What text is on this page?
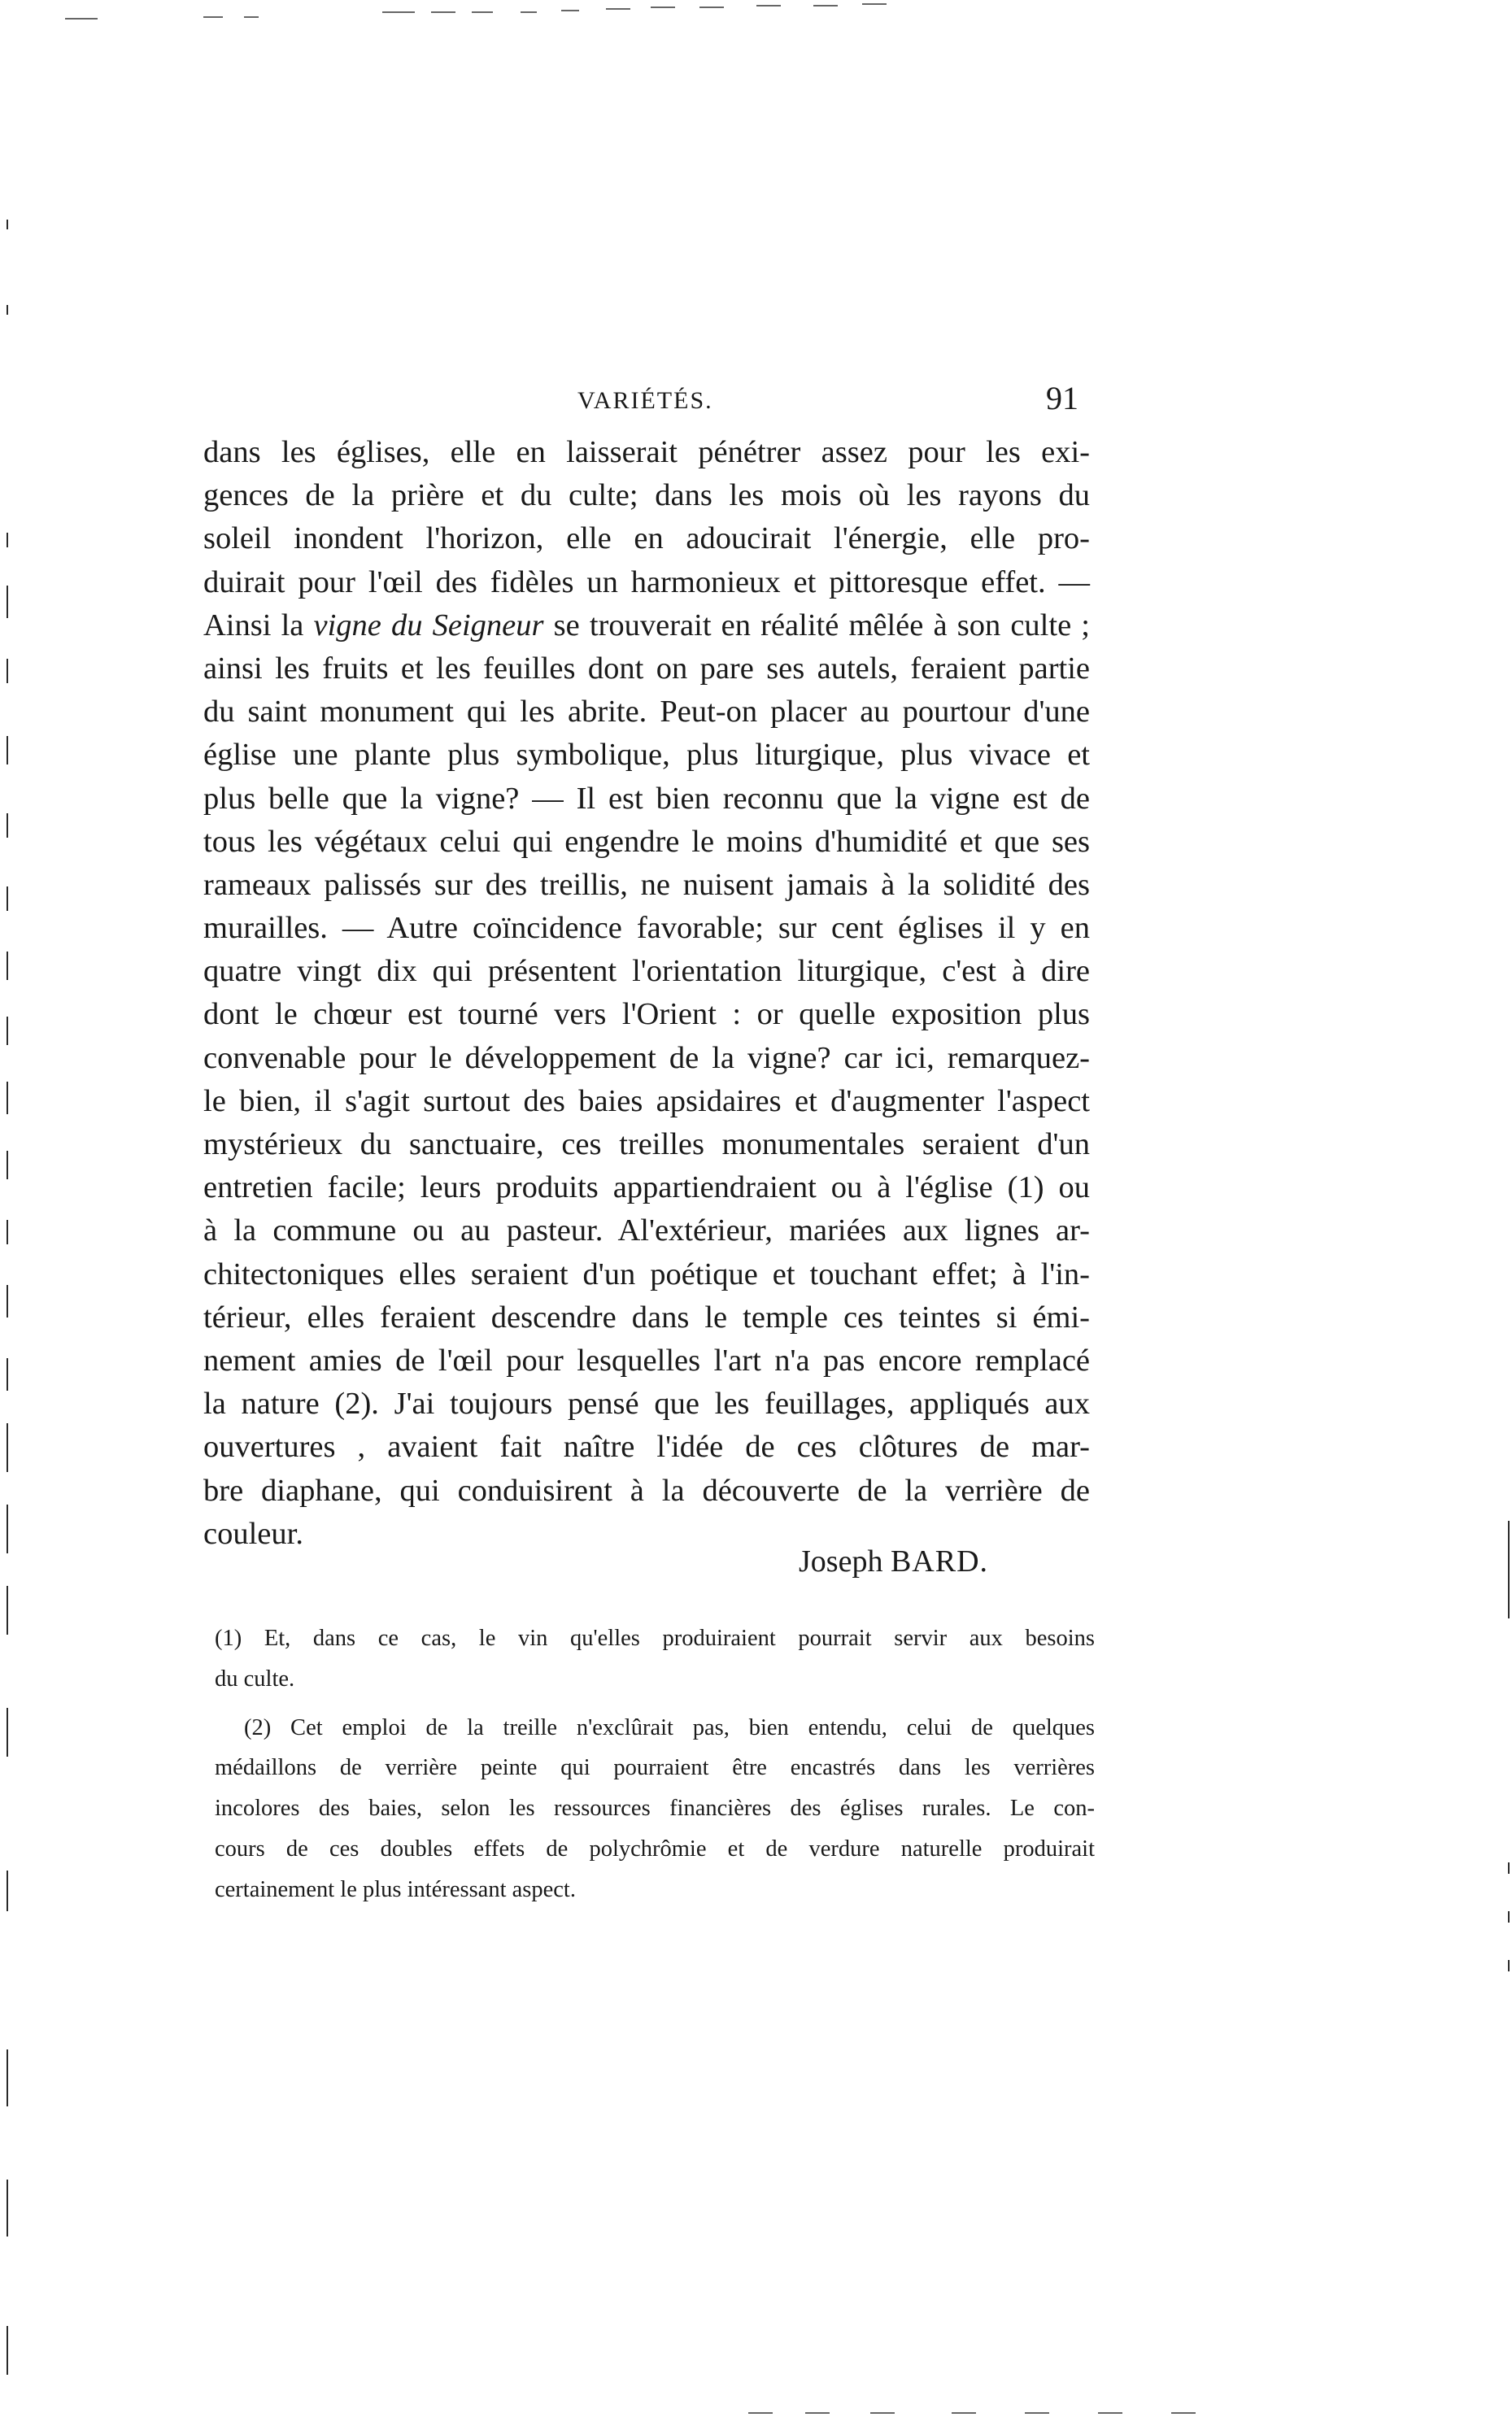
VARIÉTÉS.	91
dans les églises, elle en laisserait pénétrer assez pour les exi-
gences de la prière et du culte; dans les mois où les rayons du
soleil inondent l'horizon, elle en adoucirait l'énergie, elle pro-
duirait pour l'œil des fidèles un harmonieux et pittoresque effet. —
Ainsi la vigne du Seigneur se trouverait en réalité mêlée à son culte ;
ainsi les fruits et les feuilles dont on pare ses autels, feraient partie
du saint monument qui les abrite. Peut-on placer au pourtour d'une
église une plante plus symbolique, plus liturgique, plus vivace et
plus belle que la vigne? — Il est bien reconnu que la vigne est de
tous les végétaux celui qui engendre le moins d'humidité et que ses
rameaux palissés sur des treillis, ne nuisent jamais à la solidité des
murailles. — Autre coïncidence favorable; sur cent églises il y en
quatre vingt dix qui présentent l'orientation liturgique, c'est à dire
dont le chœur est tourné vers l'Orient : or quelle exposition plus
convenable pour le développement de la vigne? car ici, remarquez-
le bien, il s'agit surtout des baies apsidaires et d'augmenter l'aspect
mystérieux du sanctuaire, ces treilles monumentales seraient d'un
entretien facile; leurs produits appartiendraient ou à l'église (1) ou
à la commune ou au pasteur. Al'extérieur, mariées aux lignes ar-
chitectoniques elles seraient d'un poétique et touchant effet; à l'in-
térieur, elles feraient descendre dans le temple ces teintes si émi-
nement amies de l'œil pour lesquelles l'art n'a pas encore remplacé
la nature (2). J'ai toujours pensé que les feuillages, appliqués aux
ouvertures , avaient fait naître l'idée de ces clôtures de mar-
bre diaphane, qui conduisirent à la découverte de la verrière de
couleur.
Joseph BARD.
(1) Et, dans ce cas, le vin qu'elles produiraient pourrait servir aux besoins
du culte.
(2) Cet emploi de la treille n'exclûrait pas, bien entendu, celui de quelques
médaillons de verrière peinte qui pourraient être encastrés dans les verrières
incolores des baies, selon les ressources financières des églises rurales. Le con-
cours de ces doubles effets de polychrômie et de verdure naturelle produirait
certainement le plus intéressant aspect.
